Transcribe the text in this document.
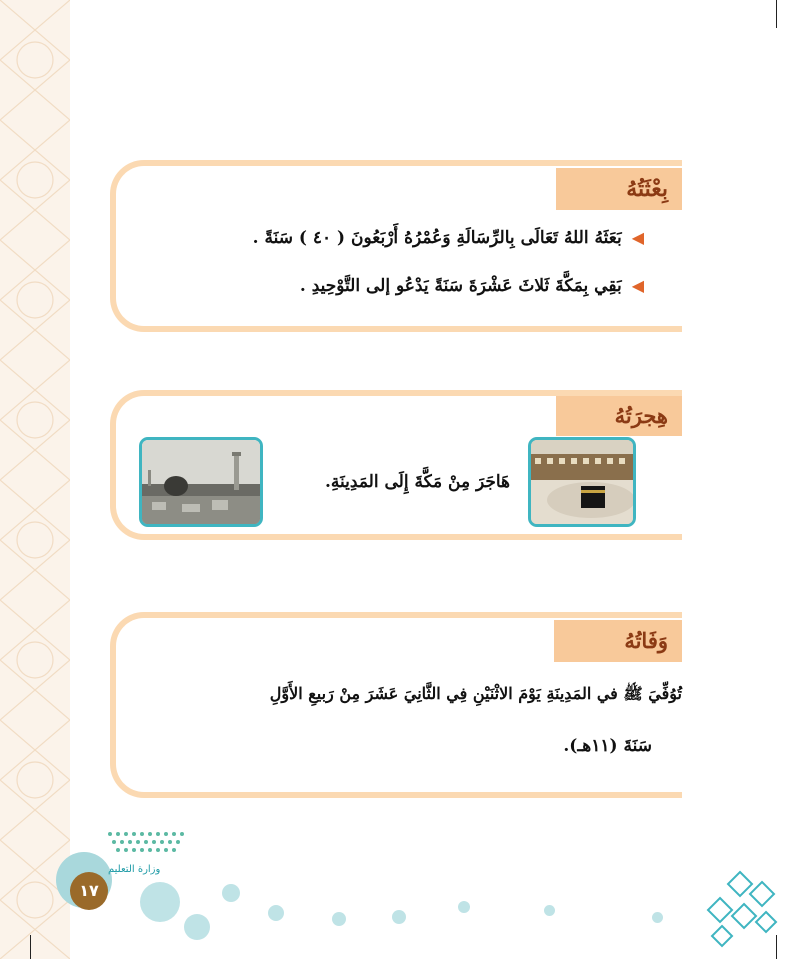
بِعْثَتُهُ
◀بَعَثَهُ اللهُ تَعَالَى بِالرِّسَالَةِ وَعُمْرُهُ أَرْبَعُونَ ( ٤٠ ) سَنَةً .
◀بَقِي بِمَكَّةَ ثَلاثَ عَشْرَةَ سَنَةً يَدْعُو إلى التَّوْحِيدِ .
هِجرَتُهُ
هَاجَرَ مِنْ مَكَّةَ إِلَى المَدِينَةِ.
وَفَاتُهُ
تُوُفِّيَ ﷺ في المَدِينَةِ يَوْمَ الاثْنَيْنِ فِي الثَّانِيَ عَشَرَ مِنْ رَبيعِ الأَوَّلِ
سَنَةَ (١١هـ).
وزارة التعليم
١٧
